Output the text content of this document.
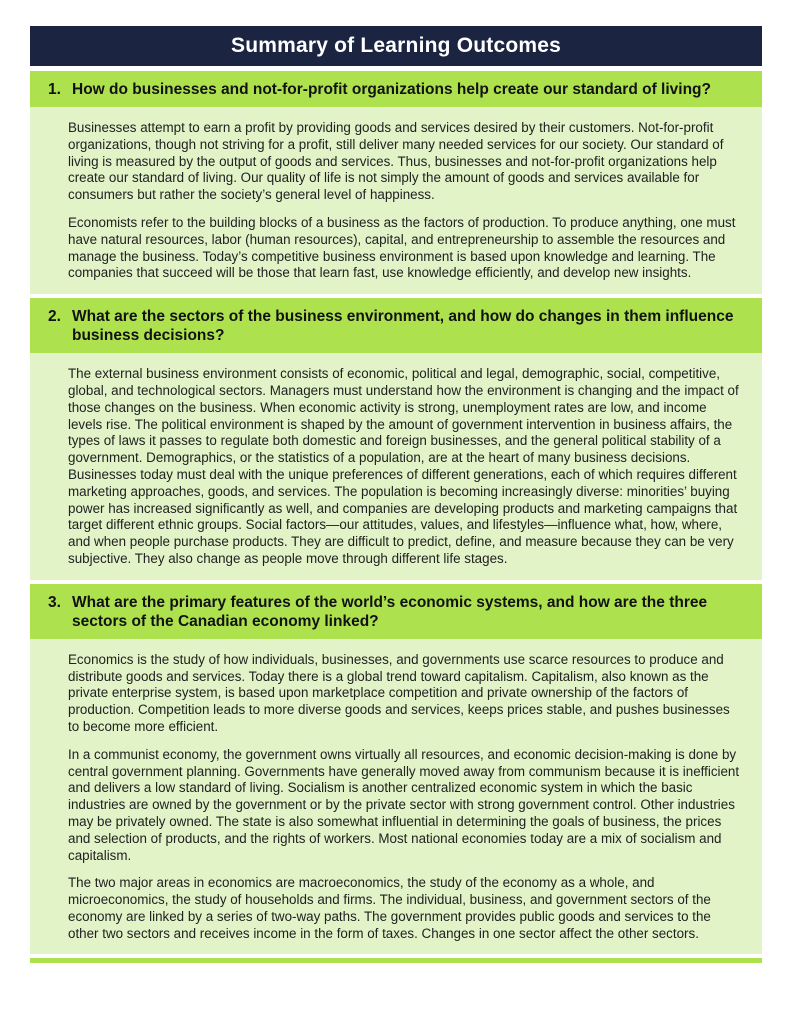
Summary of Learning Outcomes
1. How do businesses and not-for-profit organizations help create our standard of living?

Businesses attempt to earn a profit by providing goods and services desired by their customers. Not-for-profit organizations, though not striving for a profit, still deliver many needed services for our society. Our standard of living is measured by the output of goods and services. Thus, businesses and not-for-profit organizations help create our standard of living. Our quality of life is not simply the amount of goods and services available for consumers but rather the society’s general level of happiness.

Economists refer to the building blocks of a business as the factors of production. To produce anything, one must have natural resources, labor (human resources), capital, and entrepreneurship to assemble the resources and manage the business. Today’s competitive business environment is based upon knowledge and learning. The companies that succeed will be those that learn fast, use knowledge efficiently, and develop new insights.

2. What are the sectors of the business environment, and how do changes in them influence business decisions?

The external business environment consists of economic, political and legal, demographic, social, competitive, global, and technological sectors. Managers must understand how the environment is changing and the impact of those changes on the business. When economic activity is strong, unemployment rates are low, and income levels rise. The political environment is shaped by the amount of government intervention in business affairs, the types of laws it passes to regulate both domestic and foreign businesses, and the general political stability of a government. Demographics, or the statistics of a population, are at the heart of many business decisions. Businesses today must deal with the unique preferences of different generations, each of which requires different marketing approaches, goods, and services. The population is becoming increasingly diverse: minorities’ buying power has increased significantly as well, and companies are developing products and marketing campaigns that target different ethnic groups. Social factors—our attitudes, values, and lifestyles—influence what, how, where, and when people purchase products. They are difficult to predict, define, and measure because they can be very subjective. They also change as people move through different life stages.

3. What are the primary features of the world’s economic systems, and how are the three sectors of the Canadian economy linked?

Economics is the study of how individuals, businesses, and governments use scarce resources to produce and distribute goods and services. Today there is a global trend toward capitalism. Capitalism, also known as the private enterprise system, is based upon marketplace competition and private ownership of the factors of production. Competition leads to more diverse goods and services, keeps prices stable, and pushes businesses to become more efficient.

In a communist economy, the government owns virtually all resources, and economic decision-making is done by central government planning. Governments have generally moved away from communism because it is inefficient and delivers a low standard of living. Socialism is another centralized economic system in which the basic industries are owned by the government or by the private sector with strong government control. Other industries may be privately owned. The state is also somewhat influential in determining the goals of business, the prices and selection of products, and the rights of workers. Most national economies today are a mix of socialism and capitalism.

The two major areas in economics are macroeconomics, the study of the economy as a whole, and microeconomics, the study of households and firms. The individual, business, and government sectors of the economy are linked by a series of two-way paths. The government provides public goods and services to the other two sectors and receives income in the form of taxes. Changes in one sector affect the other sectors.
